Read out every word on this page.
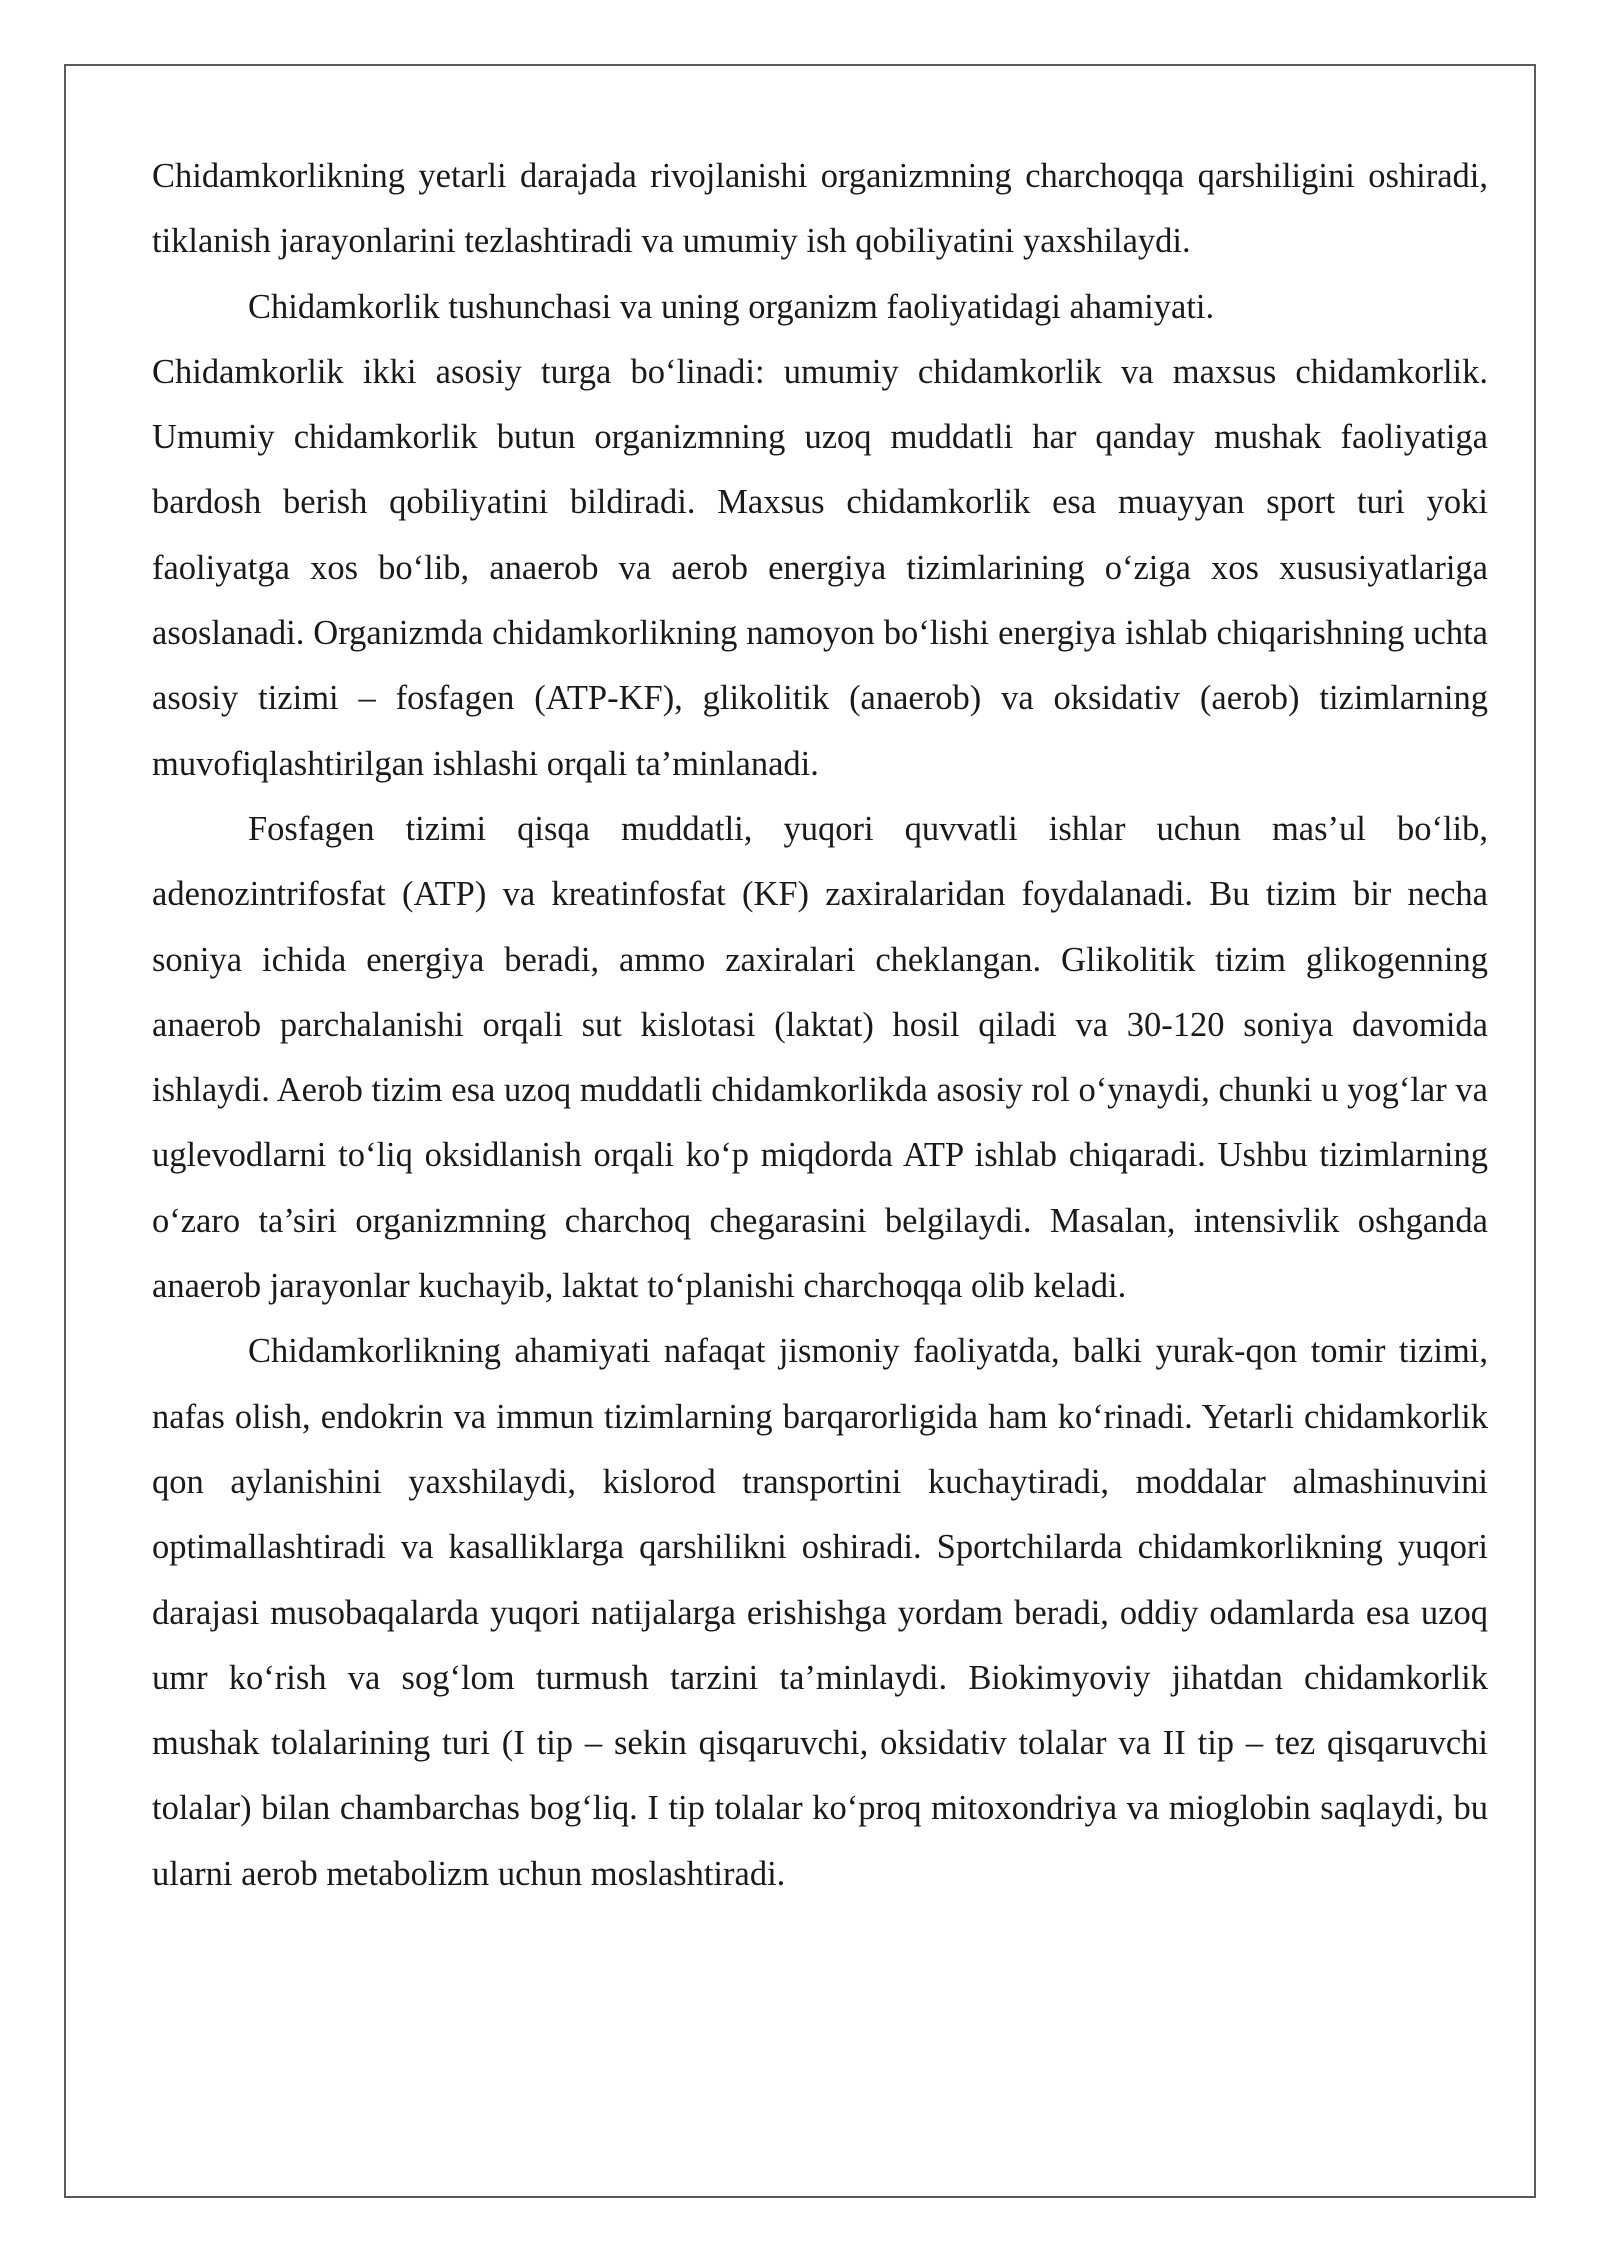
Chidamkorlikning yetarli darajada rivojlanishi organizmning charchoqqa qarshiligini oshiradi, tiklanish jarayonlarini tezlashtiradi va umumiy ish qobiliyatini yaxshilaydi.

Chidamkorlik tushunchasi va uning organizm faoliyatidagi ahamiyati.

Chidamkorlik ikki asosiy turga bo‘linadi: umumiy chidamkorlik va maxsus chidamkorlik. Umumiy chidamkorlik butun organizmning uzoq muddatli har qanday mushak faoliyatiga bardosh berish qobiliyatini bildiradi. Maxsus chidamkorlik esa muayyan sport turi yoki faoliyatga xos bo‘lib, anaerob va aerob energiya tizimlarining o‘ziga xos xususiyatlariga asoslanadi. Organizmda chidamkorlikning namoyon bo‘lishi energiya ishlab chiqarishning uchta asosiy tizimi – fosfagen (ATP-KF), glikolitik (anaerob) va oksidativ (aerob) tizimlarning muvofiqlashtirilgan ishlashi orqali ta’minlanadi.

Fosfagen tizimi qisqa muddatli, yuqori quvvatli ishlar uchun mas’ul bo‘lib, adenozintrifosfat (ATP) va kreatinfosfat (KF) zaxiralaridan foydalanadi. Bu tizim bir necha soniya ichida energiya beradi, ammo zaxiralari cheklangan. Glikolitik tizim glikogenning anaerob parchalanishi orqali sut kislotasi (laktat) hosil qiladi va 30-120 soniya davomida ishlaydi. Aerob tizim esa uzoq muddatli chidamkorlikda asosiy rol o‘ynaydi, chunki u yog‘lar va uglevodlarni to‘liq oksidlanish orqali ko‘p miqdorda ATP ishlab chiqaradi. Ushbu tizimlarning o‘zaro ta’siri organizmning charchoq chegarasini belgilaydi. Masalan, intensivlik oshganda anaerob jarayonlar kuchayib, laktat to‘planishi charchoqqa olib keladi.

Chidamkorlikning ahamiyati nafaqat jismoniy faoliyatda, balki yurak-qon tomir tizimi, nafas olish, endokrin va immun tizimlarning barqarorligida ham ko‘rinadi. Yetarli chidamkorlik qon aylanishini yaxshilaydi, kislorod transportini kuchaytiradi, moddalar almashinuvini optimallashtiradi va kasalliklarga qarshilikni oshiradi. Sportchilarda chidamkorlikning yuqori darajasi musobaqalarda yuqori natijalarga erishishga yordam beradi, oddiy odamlarda esa uzoq umr ko‘rish va sog‘lom turmush tarzini ta’minlaydi. Biokimyoviy jihatdan chidamkorlik mushak tolalarining turi (I tip – sekin qisqaruvchi, oksidativ tolalar va II tip – tez qisqaruvchi tolalar) bilan chambarchas bog‘liq. I tip tolalar ko‘proq mitoxondriya va mioglobin saqlaydi, bu ularni aerob metabolizm uchun moslashtiradi.
